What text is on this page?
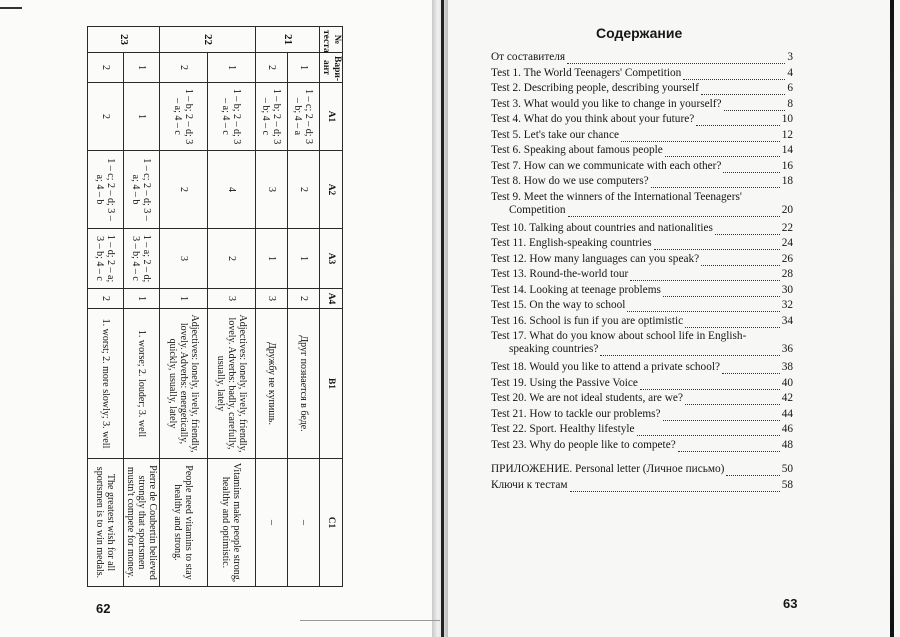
№ теста	Вари-ант	A1	A2	A3	A4	B1	C1
21	1	1 – c; 2 – d; 3 – b; 4 – a	2	1	2	Друг познается в беде.	–
	2	1 – b; 2 – d; 3 – b; 4 – c	3	1	3	Дружбу не купишь.	–
22	1	1 – b; 2 – d; 3 – a; 4 – c	4	2	3	Adjectives: lonely, lively, friendly, lovely. Adverbs: badly, carefully, usually, lately	Vitamins make people strong, healthy and optimistic.
	2	1 – b; 2 – d; 3 – a; 4 – c	2	3	1	Adjectives: lonely, lively, friendly, lovely. Adverbs: energetically, quickly, usually, lately	People need vitamins to stay healthy and strong.
23	1	1	1 – c; 2 – d; 3 – a; 4 – b	1 – a; 2 – d; 3 – b; 4 – c	1	1. worse; 2. louder; 3. well	Pierre de Coubertin believed strongly that sportsmen mustn't compete for money.
	2	2	1 – c; 2 – d; 3 – a; 4 – b	1 – d; 2 – a; 3 – b; 4 – c	2	1. worst; 2. more slowly; 3. well	The greatest wish for all sportsmen is to win medals.
62
Содержание
От составителя	3
Test 1. The World Teenagers' Competition	4
Test 2. Describing people, describing yourself	6
Test 3. What would you like to change in yourself?	8
Test 4. What do you think about your future?	10
Test 5. Let's take our chance	12
Test 6. Speaking about famous people	14
Test 7. How can we communicate with each other?	16
Test 8. How do we use computers?	18
Test 9. Meet the winners of the International Teenagers'
Competition	20
Test 10. Talking about countries and nationalities	22
Test 11. English-speaking countries	24
Test 12. How many languages can you speak?	26
Test 13. Round-the-world tour	28
Test 14. Looking at teenage problems	30
Test 15. On the way to school	32
Test 16. School is fun if you are optimistic	34
Test 17. What do you know about school life in English-
speaking countries?	36
Test 18. Would you like to attend a private school?	38
Test 19. Using the Passive Voice	40
Test 20. We are not ideal students, are we?	42
Test 21. How to tackle our problems?	44
Test 22. Sport. Healthy lifestyle	46
Test 23. Why do people like to compete?	48
ПРИЛОЖЕНИЕ. Personal letter (Личное письмо)	50
Ключи к тестам	58
63
